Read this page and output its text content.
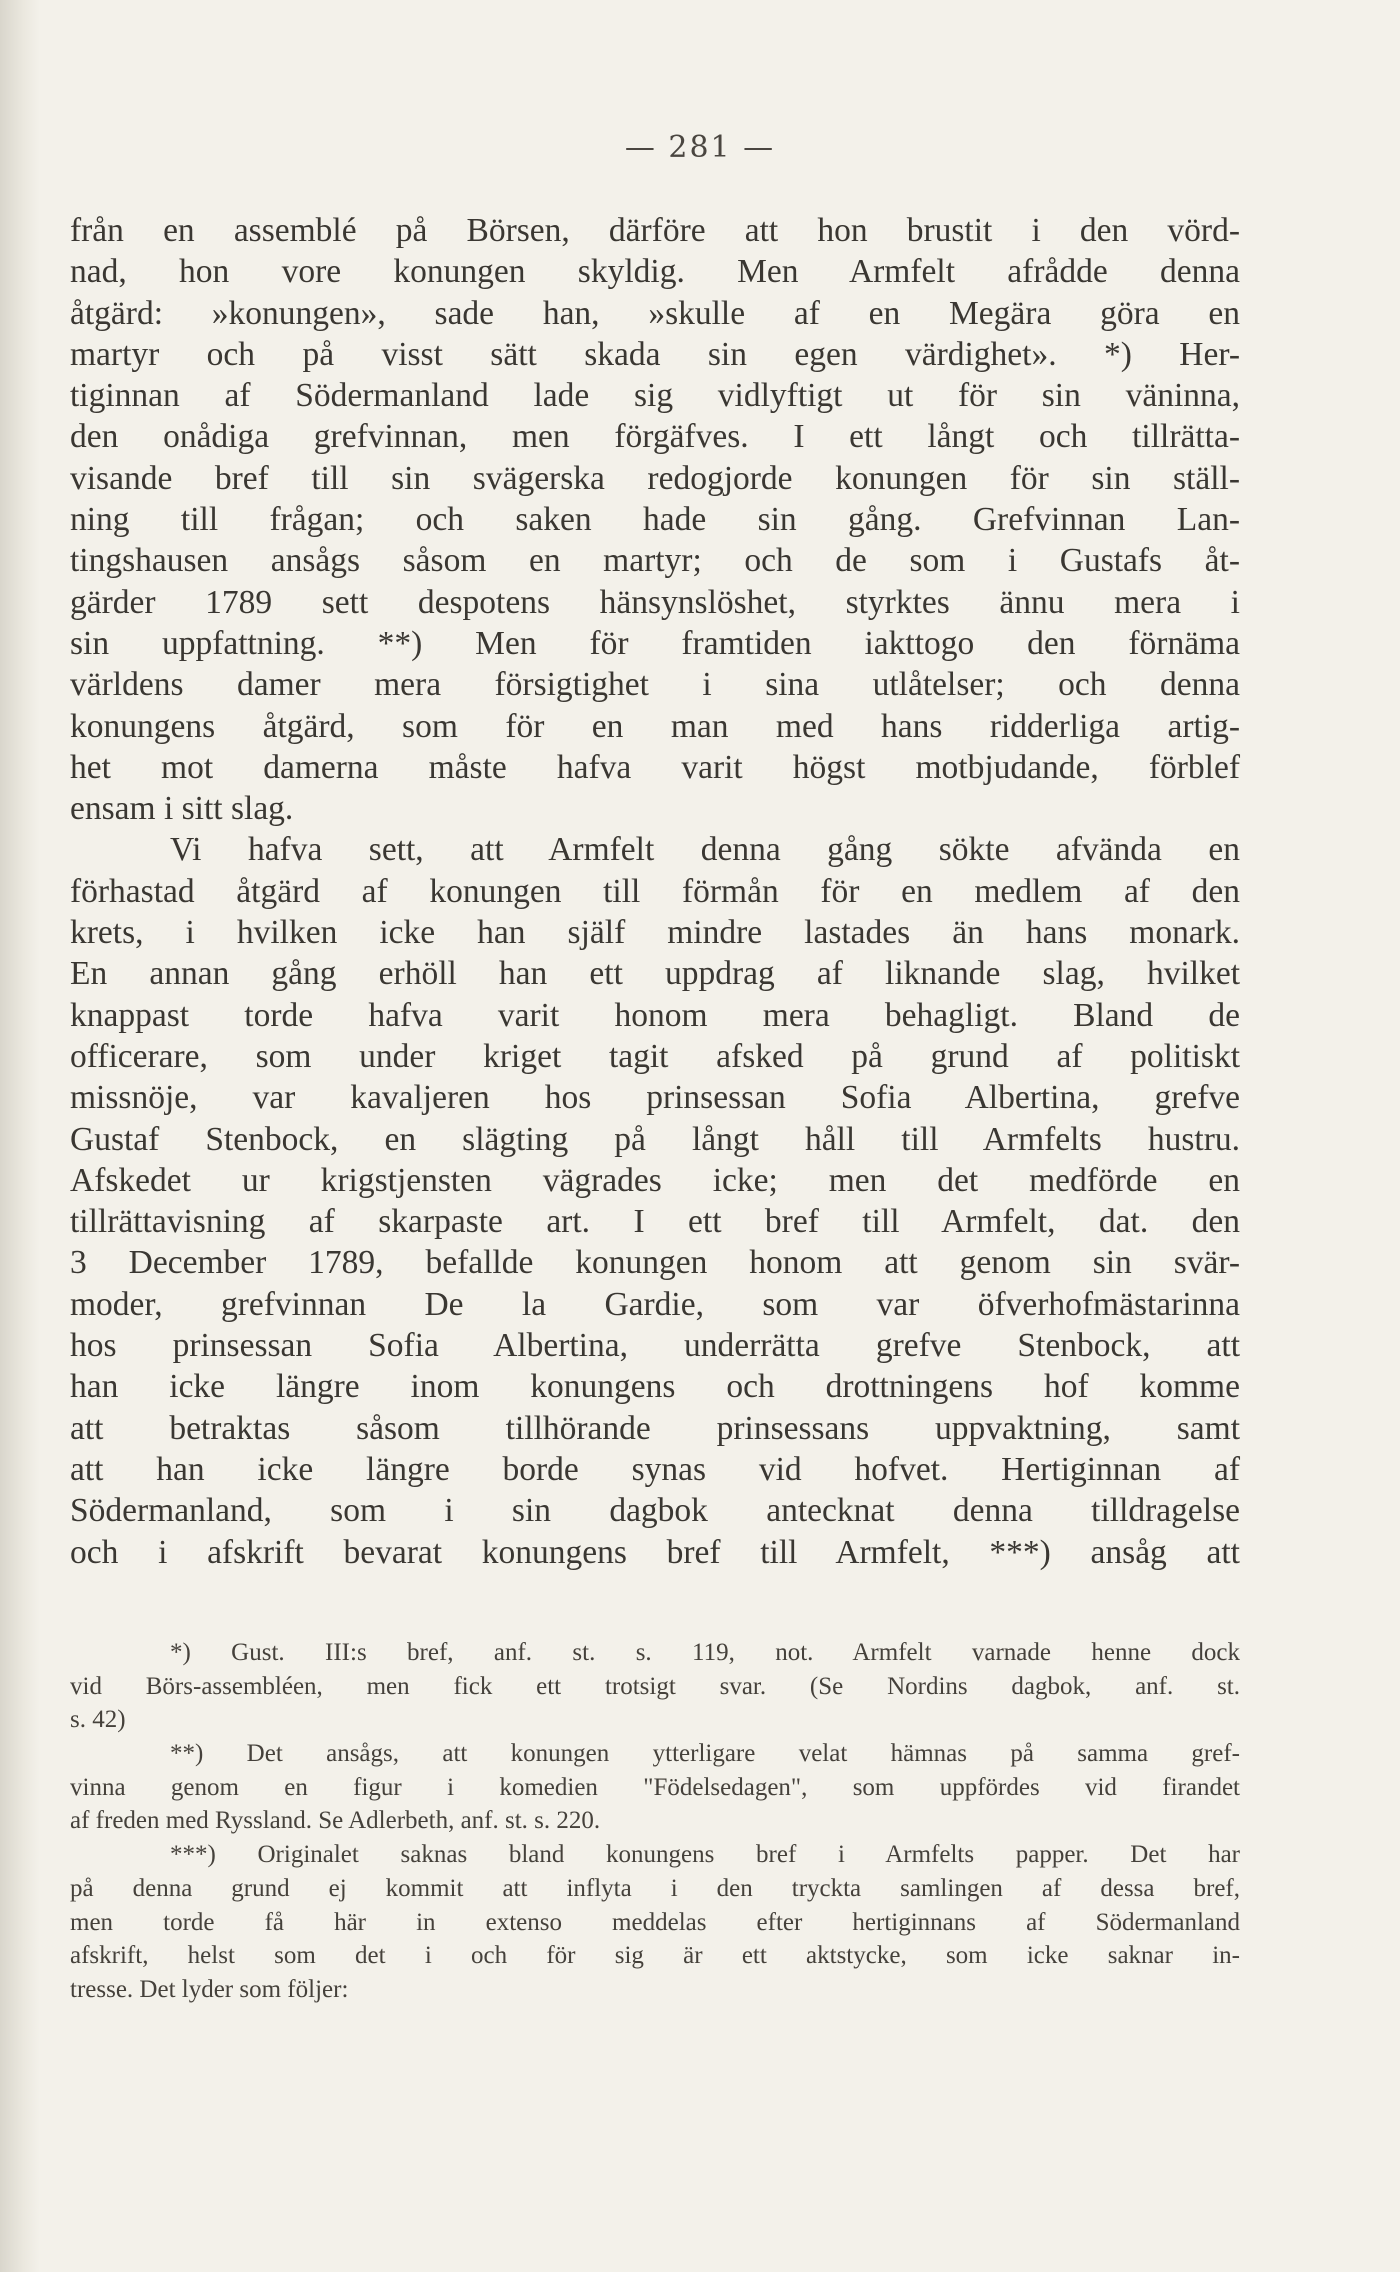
— 281 —
från en assemblé på Börsen, därföre att hon brustit i den vörd-
nad, hon vore konungen skyldig. Men Armfelt afrådde denna
åtgärd: »konungen», sade han, »skulle af en Megära göra en
martyr och på visst sätt skada sin egen värdighet». *) Her-
tiginnan af Södermanland lade sig vidlyftigt ut för sin väninna,
den onådiga grefvinnan, men förgäfves. I ett långt och tillrätta-
visande bref till sin svägerska redogjorde konungen för sin ställ-
ning till frågan; och saken hade sin gång. Grefvinnan Lan-
tingshausen ansågs såsom en martyr; och de som i Gustafs åt-
gärder 1789 sett despotens hänsynslöshet, styrktes ännu mera i
sin uppfattning. **) Men för framtiden iakttogo den förnäma
världens damer mera försigtighet i sina utlåtelser; och denna
konungens åtgärd, som för en man med hans ridderliga artig-
het mot damerna måste hafva varit högst motbjudande, förblef
ensam i sitt slag.
Vi hafva sett, att Armfelt denna gång sökte afvända en
förhastad åtgärd af konungen till förmån för en medlem af den
krets, i hvilken icke han själf mindre lastades än hans monark.
En annan gång erhöll han ett uppdrag af liknande slag, hvilket
knappast torde hafva varit honom mera behagligt. Bland de
officerare, som under kriget tagit afsked på grund af politiskt
missnöje, var kavaljeren hos prinsessan Sofia Albertina, grefve
Gustaf Stenbock, en slägting på långt håll till Armfelts hustru.
Afskedet ur krigstjensten vägrades icke; men det medförde en
tillrättavisning af skarpaste art. I ett bref till Armfelt, dat. den
3 December 1789, befallde konungen honom att genom sin svär-
moder, grefvinnan De la Gardie, som var öfverhofmästarinna
hos prinsessan Sofia Albertina, underrätta grefve Stenbock, att
han icke längre inom konungens och drottningens hof komme
att betraktas såsom tillhörande prinsessans uppvaktning, samt
att han icke längre borde synas vid hofvet. Hertiginnan af
Södermanland, som i sin dagbok antecknat denna tilldragelse
och i afskrift bevarat konungens bref till Armfelt, ***) ansåg att
*) Gust. III:s bref, anf. st. s. 119, not. Armfelt varnade henne dock
vid Börs-assembléen, men fick ett trotsigt svar. (Se Nordins dagbok, anf. st.
s. 42)
**) Det ansågs, att konungen ytterligare velat hämnas på samma gref-
vinna genom en figur i komedien "Födelsedagen", som uppfördes vid firandet
af freden med Ryssland. Se Adlerbeth, anf. st. s. 220.
***) Originalet saknas bland konungens bref i Armfelts papper. Det har
på denna grund ej kommit att inflyta i den tryckta samlingen af dessa bref,
men torde få här in extenso meddelas efter hertiginnans af Södermanland
afskrift, helst som det i och för sig är ett aktstycke, som icke saknar in-
tresse. Det lyder som följer:
